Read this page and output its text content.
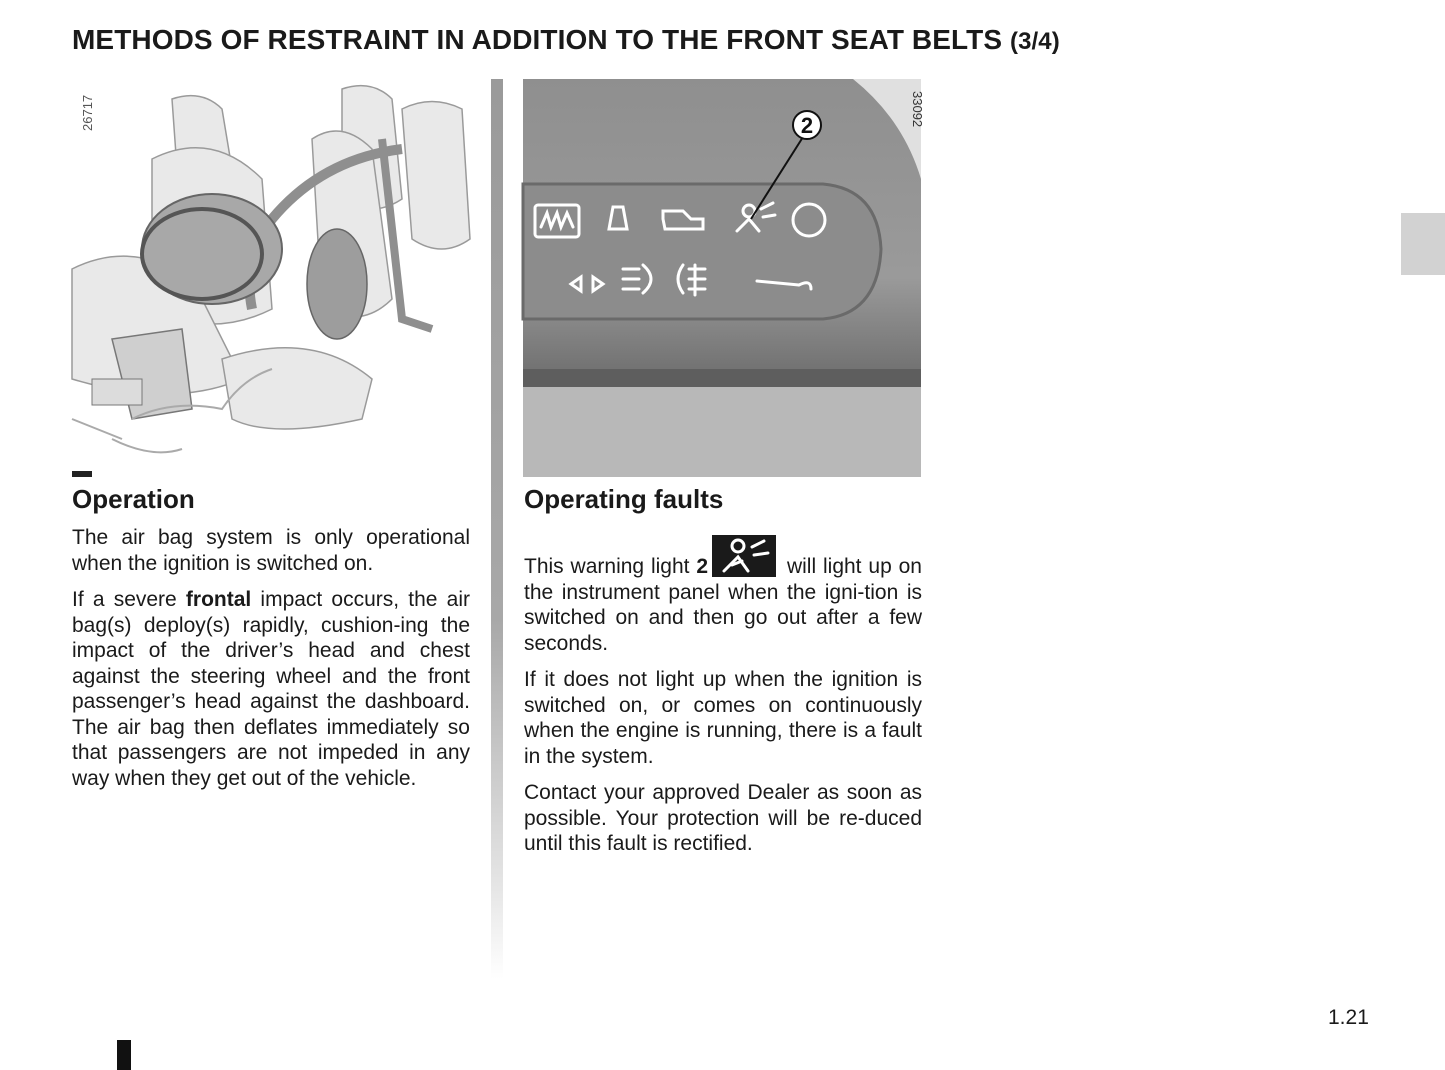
METHODS OF RESTRAINT IN ADDITION TO THE FRONT SEAT BELTS (3/4)
26717	2	33092
Operation

The air bag system is only operational when the ignition is switched on.

If a severe frontal impact occurs, the air bag(s) deploy(s) rapidly, cushion-ing the impact of the driver’s head and chest against the steering wheel and the front passenger’s head against the dashboard. The air bag then deflates immediately so that passengers are not impeded in any way when they get out of the vehicle.

Operating faults

This warning light 2	will light up on the instrument panel when the igni-tion is switched on and then go out after a few seconds.

If it does not light up when the ignition is switched on, or comes on continuously when the engine is running, there is a fault in the system.

Contact your approved Dealer as soon as possible. Your protection will be re-duced until this fault is rectified.

1.21
